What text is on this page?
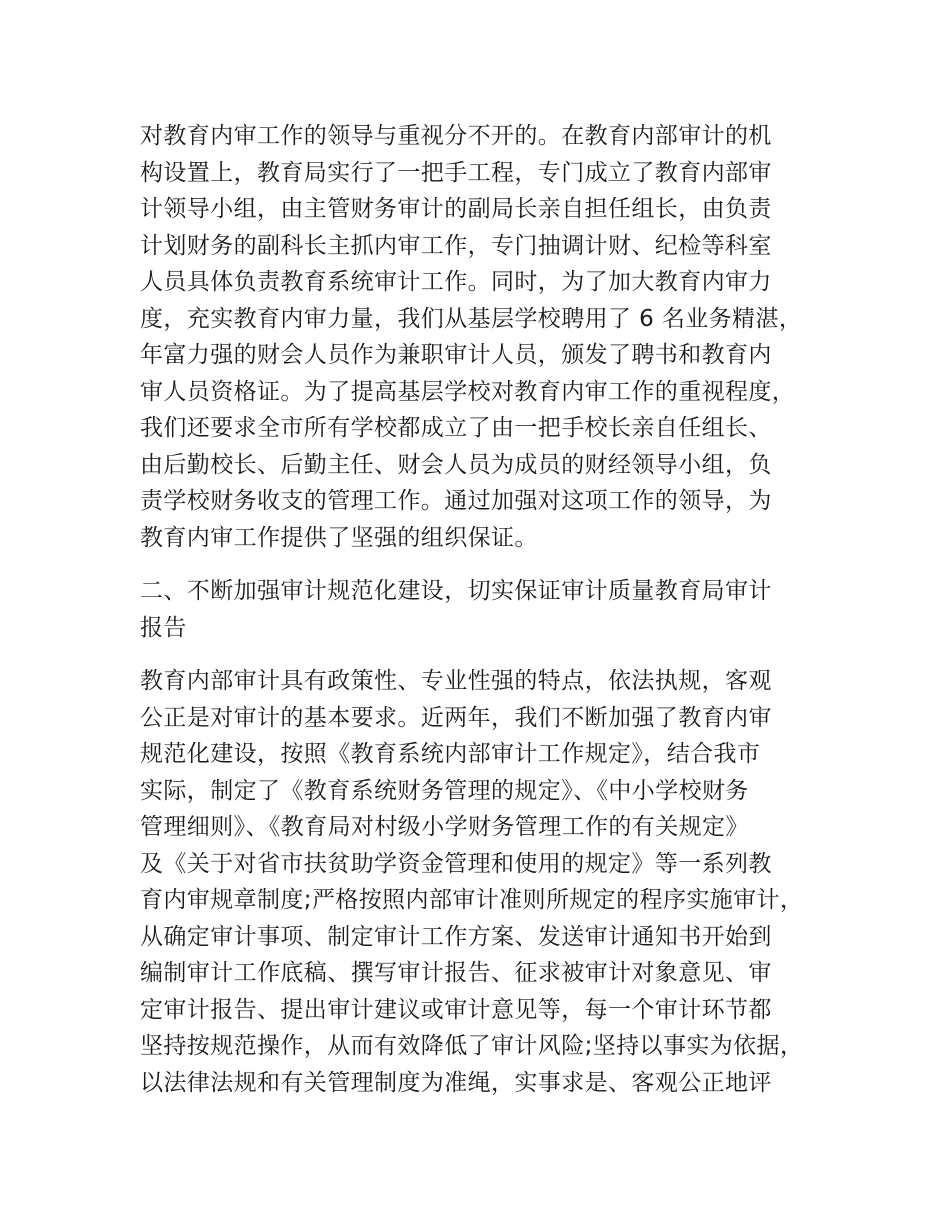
对教育内审工作的领导与重视分不开的。在教育内部审计的机
构设置上，教育局实行了一把手工程，专门成立了教育内部审
计领导小组，由主管财务审计的副局长亲自担任组长，由负责
计划财务的副科长主抓内审工作，专门抽调计财、纪检等科室
人员具体负责教育系统审计工作。同时，为了加大教育内审力
度，充实教育内审力量，我们从基层学校聘用了 6 名业务精湛，
年富力强的财会人员作为兼职审计人员，颁发了聘书和教育内
审人员资格证。为了提高基层学校对教育内审工作的重视程度，
我们还要求全市所有学校都成立了由一把手校长亲自任组长、
由后勤校长、后勤主任、财会人员为成员的财经领导小组，负
责学校财务收支的管理工作。通过加强对这项工作的领导，为
教育内审工作提供了坚强的组织保证。
二、不断加强审计规范化建设，切实保证审计质量教育局审计
报告
教育内部审计具有政策性、专业性强的特点，依法执规，客观
公正是对审计的基本要求。近两年，我们不断加强了教育内审
规范化建设，按照《教育系统内部审计工作规定》，结合我市
实际，制定了《教育系统财务管理的规定》、《中小学校财务
管理细则》、《教育局对村级小学财务管理工作的有关规定》
及《关于对省市扶贫助学资金管理和使用的规定》等一系列教
育内审规章制度;严格按照内部审计准则所规定的程序实施审计，
从确定审计事项、制定审计工作方案、发送审计通知书开始到
编制审计工作底稿、撰写审计报告、征求被审计对象意见、审
定审计报告、提出审计建议或审计意见等，每一个审计环节都
坚持按规范操作，从而有效降低了审计风险;坚持以事实为依据，
以法律法规和有关管理制度为准绳，实事求是、客观公正地评
